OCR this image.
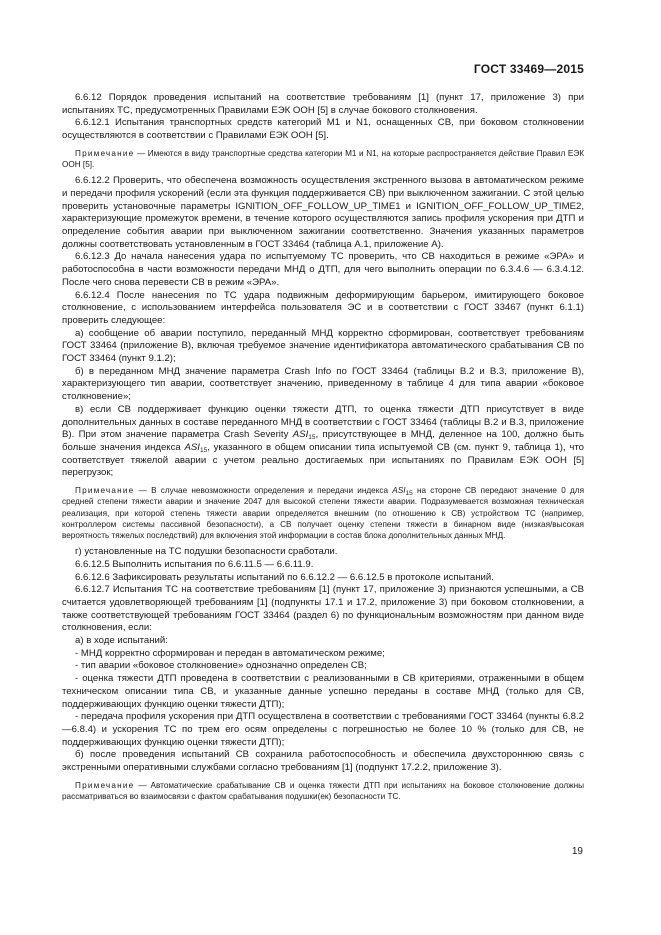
ГОСТ 33469—2015

6.6.12 Порядок проведения испытаний на соответствие требованиям [1] (пункт 17, приложение 3) при испытаниях ТС, предусмотренных Правилами ЕЭК ООН [5] в случае бокового столкновения.

6.6.12.1 Испытания транспортных средств категорий M1 и N1, оснащенных СВ, при боковом столкновении осуществляются в соответствии с Правилами ЕЭК ООН [5].

Примечание — Имеются в виду транспортные средства категории M1 и N1, на которые распространяется действие Правил ЕЭК ООН [5].

6.6.12.2 Проверить, что обеспечена возможность осуществления экстренного вызова в автоматическом режиме и передачи профиля ускорений (если эта функция поддерживается СВ) при выключенном зажигании. С этой целью проверить установочные параметры IGNITION_OFF_FOLLOW_UP_TIME1 и IGNITION_OFF_FOLLOW_UP_TIME2, характеризующие промежуток времени, в течение которого осуществляются запись профиля ускорения при ДТП и определение события аварии при выключенном зажигании соответственно. Значения указанных параметров должны соответствовать установленным в ГОСТ 33464 (таблица А.1, приложение А).

6.6.12.3 До начала нанесения удара по испытуемому ТС проверить, что СВ находиться в режиме «ЭРА» и работоспособна в части возможности передачи МНД о ДТП, для чего выполнить операции по 6.3.4.6 — 6.3.4.12. После чего снова перевести СВ в режим «ЭРА».

6.6.12.4 После нанесения по ТС удара подвижным деформирующим барьером, имитирующего боковое столкновение, с использованием интерфейса пользователя ЭС и в соответствии с ГОСТ 33467 (пункт 6.1.1) проверить следующее:

а) сообщение об аварии поступило, переданный МНД корректно сформирован, соответствует требованиям ГОСТ 33464 (приложение В), включая требуемое значение идентификатора автоматического срабатывания СВ по ГОСТ 33464 (пункт 9.1.2);

б) в переданном МНД значение параметра Crash Info по ГОСТ 33464 (таблицы В.2 и В.3, приложение В), характеризующего тип аварии, соответствует значению, приведенному в таблице 4 для типа аварии «боковое столкновение»;

в) если СВ поддерживает функцию оценки тяжести ДТП, то оценка тяжести ДТП присутствует в виде дополнительных данных в составе переданного МНД в соответствии с ГОСТ 33464 (таблицы В.2 и В.3, приложение В). При этом значение параметра Crash Severity $ASI_{15}$, присутствующее в МНД, деленное на 100, должно быть больше значения индекса $ASI_{15}$, указанного в общем описании типа испытуемой СВ (см. пункт 9, таблица 1), что соответствует тяжелой аварии с учетом реально достигаемых при испытаниях по Правилам ЕЭК ООН [5] перегрузок;

Примечание — В случае невозможности определения и передачи индекса $ASI_{15}$ на стороне СВ передают значение 0 для средней степени тяжести аварии и значение 2047 для высокой степени тяжести аварии. Подразумевается возможная техническая реализация, при которой степень тяжести аварии определяется внешним (по отношению к СВ) устройством ТС (например, контроллером системы пассивной безопасности), а СВ получает оценку степени тяжести в бинарном виде (низкая/высокая вероятность тяжелых последствий) для включения этой информации в состав блока дополнительных данных МНД.

г) установленные на ТС подушки безопасности сработали.

6.6.12.5 Выполнить испытания по 6.6.11.5 — 6.6.11.9.

6.6.12.6 Зафиксировать результаты испытаний по 6.6.12.2 — 6.6.12.5 в протоколе испытаний.

6.6.12.7 Испытания ТС на соответствие требованиям [1] (пункт 17, приложение 3) признаются успешными, а СВ считается удовлетворяющей требованиям [1] (подпункты 17.1 и 17.2, приложение 3) при боковом столкновении, а также соответствующей требованиям ГОСТ 33464 (раздел 6) по функциональным возможностям при данном виде столкновения, если:

а) в ходе испытаний:

- МНД корректно сформирован и передан в автоматическом режиме;

- тип аварии «боковое столкновение» однозначно определен СВ;

- оценка тяжести ДТП проведена в соответствии с реализованными в СВ критериями, отраженными в общем техническом описании типа СВ, и указанные данные успешно переданы в составе МНД (только для СВ, поддерживающих функцию оценки тяжести ДТП);

- передача профиля ускорения при ДТП осуществлена в соответствии с требованиями ГОСТ 33464 (пункты 6.8.2—6.8.4) и ускорения ТС по трем его осям определены с погрешностью не более 10 % (только для СВ, не поддерживающих функцию оценки тяжести ДТП);

б) после проведения испытаний СВ сохранила работоспособность и обеспечила двухстороннюю связь с экстренными оперативными службами согласно требованиям [1] (подпункт 17.2.2, приложение 3).

Примечание — Автоматические срабатывание СВ и оценка тяжести ДТП при испытаниях на боковое столкновение должны рассматриваться во взаимосвязи с фактом срабатывания подушки(ек) безопасности ТС.

19
